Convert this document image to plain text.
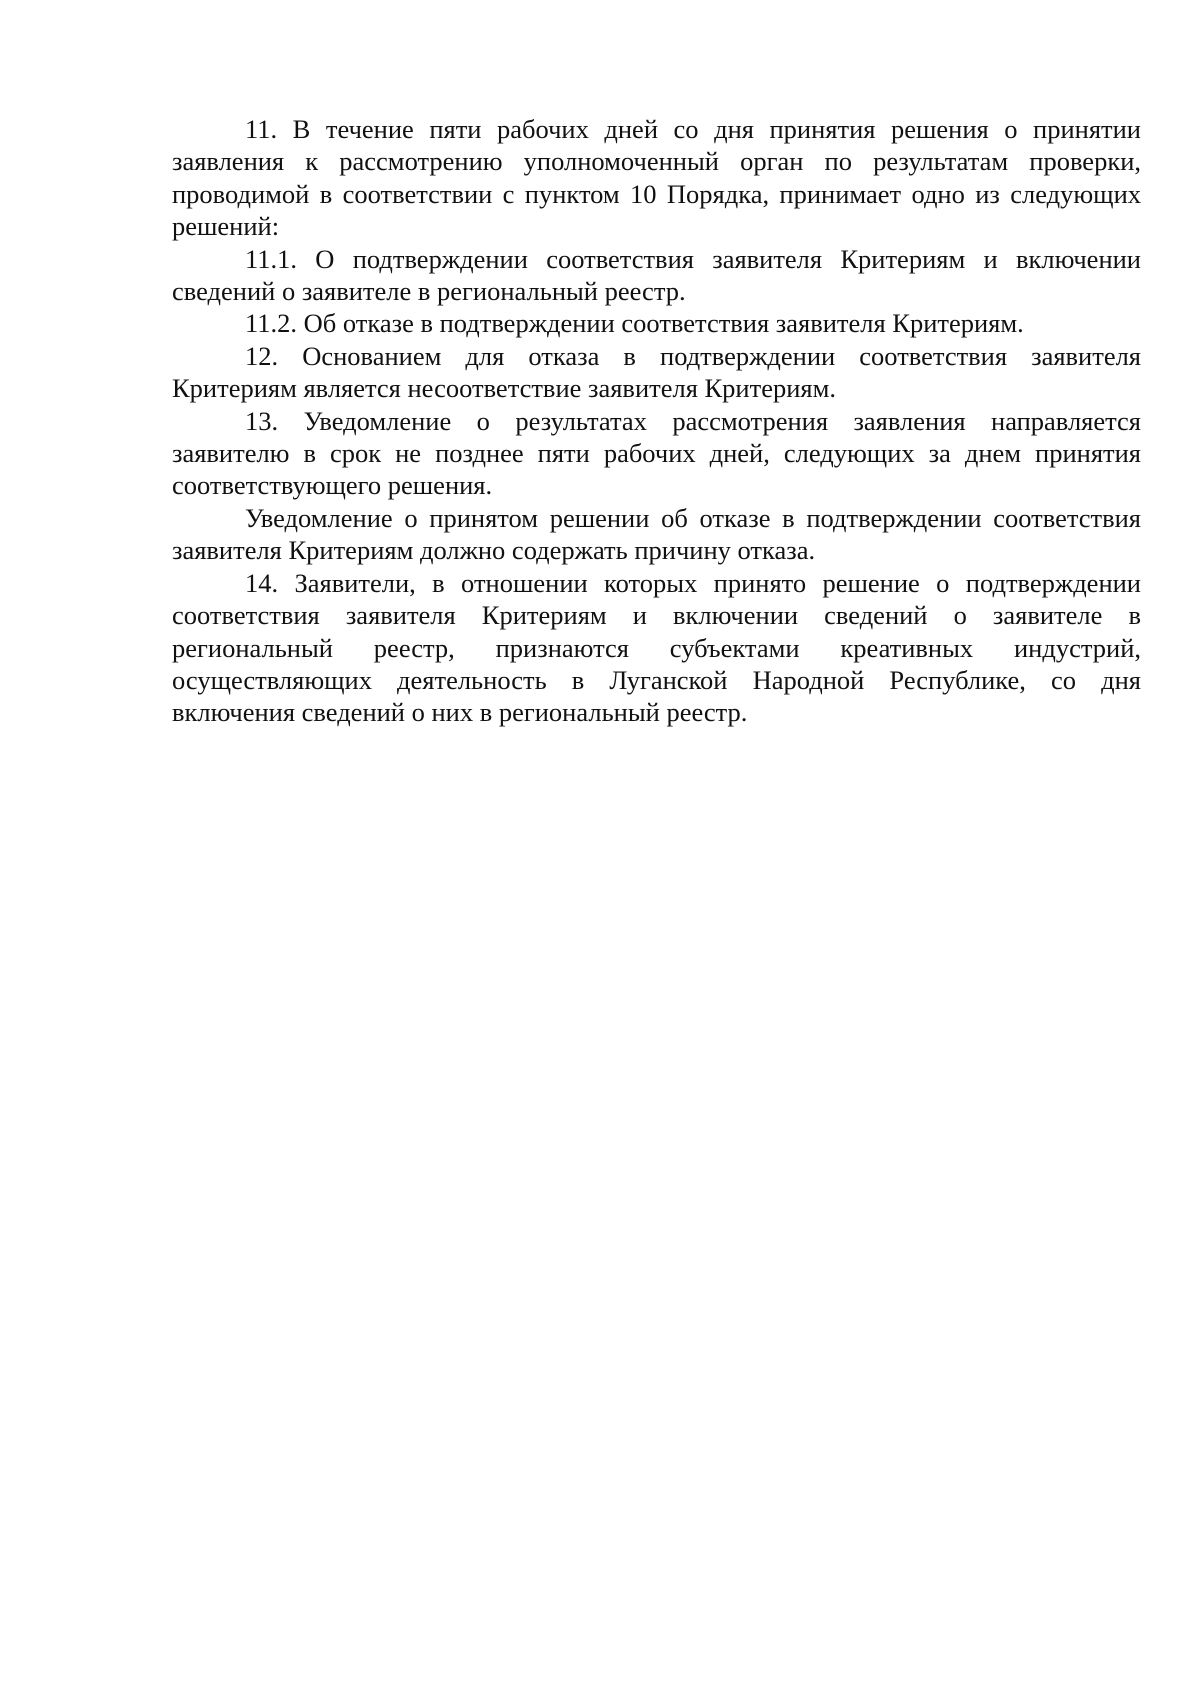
11. В течение пяти рабочих дней со дня принятия решения о принятии заявления к рассмотрению уполномоченный орган по результатам проверки, проводимой в соответствии с пунктом 10 Порядка, принимает одно из следующих решений:

11.1. О подтверждении соответствия заявителя Критериям и включении сведений о заявителе в региональный реестр.

11.2. Об отказе в подтверждении соответствия заявителя Критериям.

12. Основанием для отказа в подтверждении соответствия заявителя Критериям является несоответствие заявителя Критериям.

13. Уведомление о результатах рассмотрения заявления направляется заявителю в срок не позднее пяти рабочих дней, следующих за днем принятия соответствующего решения.

Уведомление о принятом решении об отказе в подтверждении соответствия заявителя Критериям должно содержать причину отказа.

14. Заявители, в отношении которых принято решение о подтверждении соответствия заявителя Критериям и включении сведений о заявителе в региональный реестр, признаются субъектами креативных индустрий, осуществляющих деятельность в Луганской Народной Республике, со дня включения сведений о них в региональный реестр.
